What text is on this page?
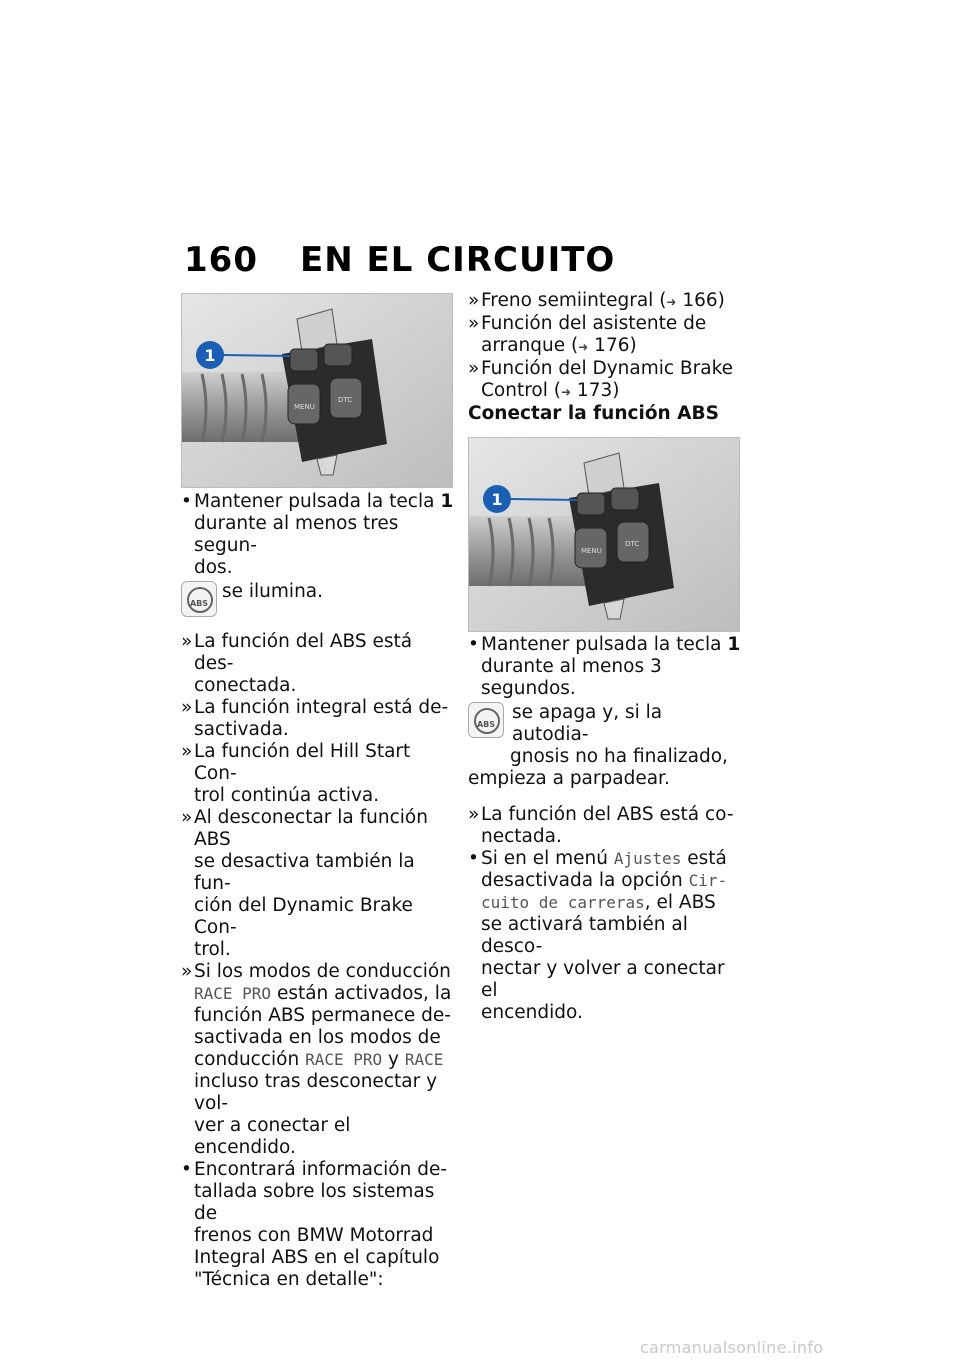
160 EN EL CIRCUITO
MENU
DTC
1
• Mantener pulsada la tecla 1
durante al menos tres segun-
dos.
ABS
se ilumina.
» La función del ABS está des-
conectada.
» La función integral está de-
sactivada.
» La función del Hill Start Con-
trol continúa activa.
» Al desconectar la función ABS
se desactiva también la fun-
ción del Dynamic Brake Con-
trol.
» Si los modos de conducción
RACE PRO están activados, la
función ABS permanece de-
sactivada en los modos de
conducción RACE PRO y RACE
incluso tras desconectar y vol-
ver a conectar el encendido.
• Encontrará información de-
tallada sobre los sistemas de
frenos con BMW Motorrad
Integral ABS en el capítulo
"Técnica en detalle":
» Freno semiintegral (➜ 166)
» Función del asistente de
arranque (➜ 176)
» Función del Dynamic Brake
Control (➜ 173)

Conectar la función ABS

MENU
DTC
1
• Mantener pulsada la tecla 1
durante al menos 3 segundos.
ABS
se apaga y, si la autodia-
gnosis no ha finalizado,
empieza a parpadear.
» La función del ABS está co-
nectada.
• Si en el menú Ajustes está
desactivada la opción Cir-
cuito de carreras, el ABS
se activará también al desco-
nectar y volver a conectar el
encendido.
carmanualsonline.info
